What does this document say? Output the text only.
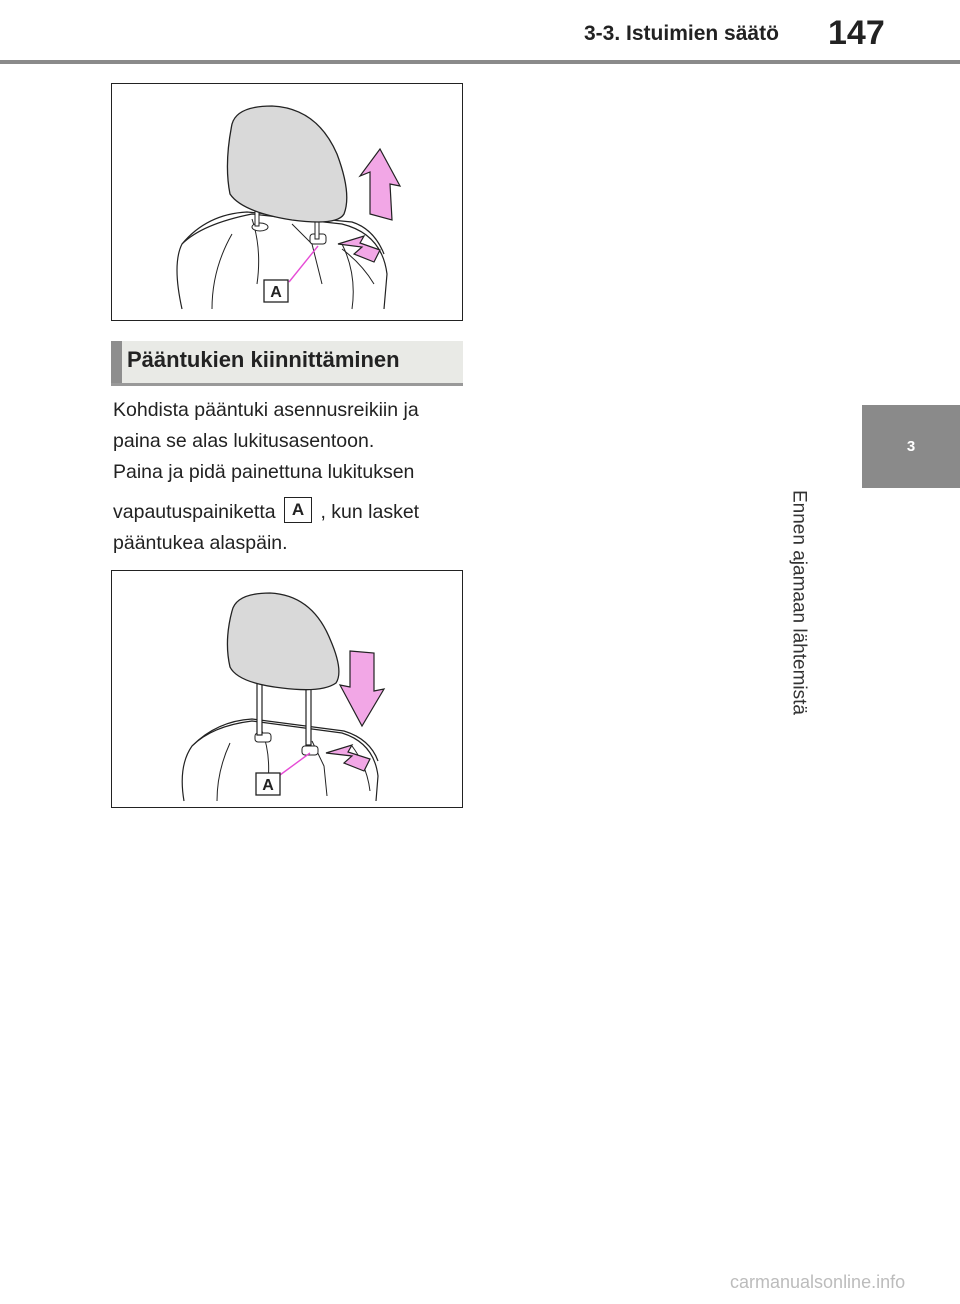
3-3. Istuimien säätö 147
3
Ennen ajamaan lähtemistä
A
Pääntukien kiinnittäminen

Kohdista pääntuki asennusreikiin ja

paina se alas lukitusasentoon.

Paina ja pidä painettuna lukituksen

vapautuspainiketta A , kun lasket

pääntukea alaspäin.

A
carmanualsonline.info
